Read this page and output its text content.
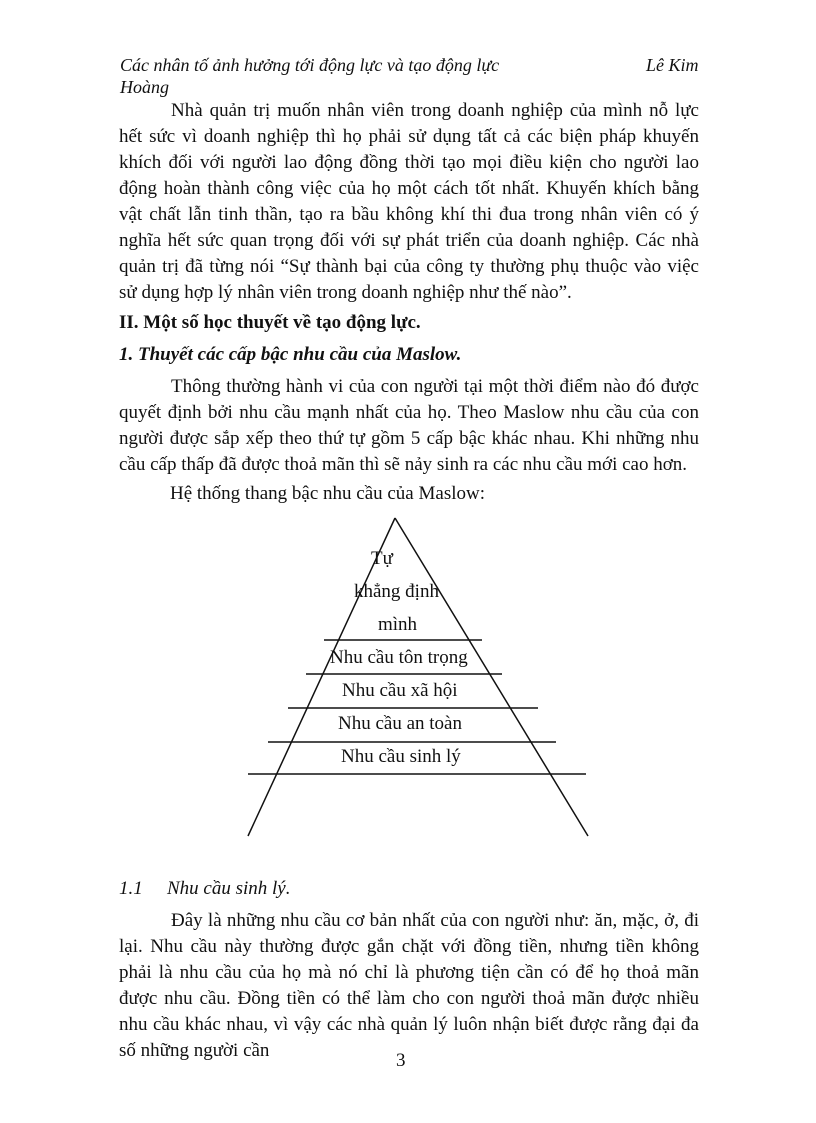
Các nhân tố ảnh hưởng tới động lực và tạo động lực	Lê Kim
Hoàng

Nhà quản trị muốn nhân viên trong doanh nghiệp của mình nỗ lực hết sức vì doanh nghiệp thì họ phải sử dụng tất cả các biện pháp khuyến khích đối với người lao động đồng thời tạo mọi điều kiện cho người lao động hoàn thành công việc của họ một cách tốt nhất. Khuyến khích bằng vật chất lẫn tinh thần, tạo ra bầu không khí thi đua trong nhân viên có ý nghĩa hết sức quan trọng đối với sự phát triển của doanh nghiệp. Các nhà quản trị đã từng nói “Sự thành bại của công ty thường phụ thuộc vào việc sử dụng hợp lý nhân viên trong doanh nghiệp như thế nào”.

II. Một số học thuyết về tạo động lực.

1. Thuyết các cấp bậc nhu cầu của Maslow.

Thông thường hành vi của con người tại một thời điểm nào đó được quyết định bởi nhu cầu mạnh nhất của họ. Theo Maslow nhu cầu của con người được sắp xếp theo thứ tự gồm 5 cấp bậc khác nhau. Khi những nhu cầu cấp thấp đã được thoả mãn thì sẽ nảy sinh ra các nhu cầu mới cao hơn.

Hệ thống thang bậc nhu cầu của Maslow:

Tự
khẳng định
mình
Nhu cầu tôn trọng
Nhu cầu xã hội
Nhu cầu an toàn
Nhu cầu sinh lý

1.1 Nhu cầu sinh lý.

Đây là những nhu cầu cơ bản nhất của con người như: ăn, mặc, ở, đi lại. Nhu cầu này thường được gắn chặt với đồng tiền, nhưng tiền không phải là nhu cầu của họ mà nó chỉ là phương tiện cần có để họ thoả mãn được nhu cầu. Đồng tiền có thể làm cho con người thoả mãn được nhiều nhu cầu khác nhau, vì vậy các nhà quản lý luôn nhận biết được rằng đại đa số những người cần	3
